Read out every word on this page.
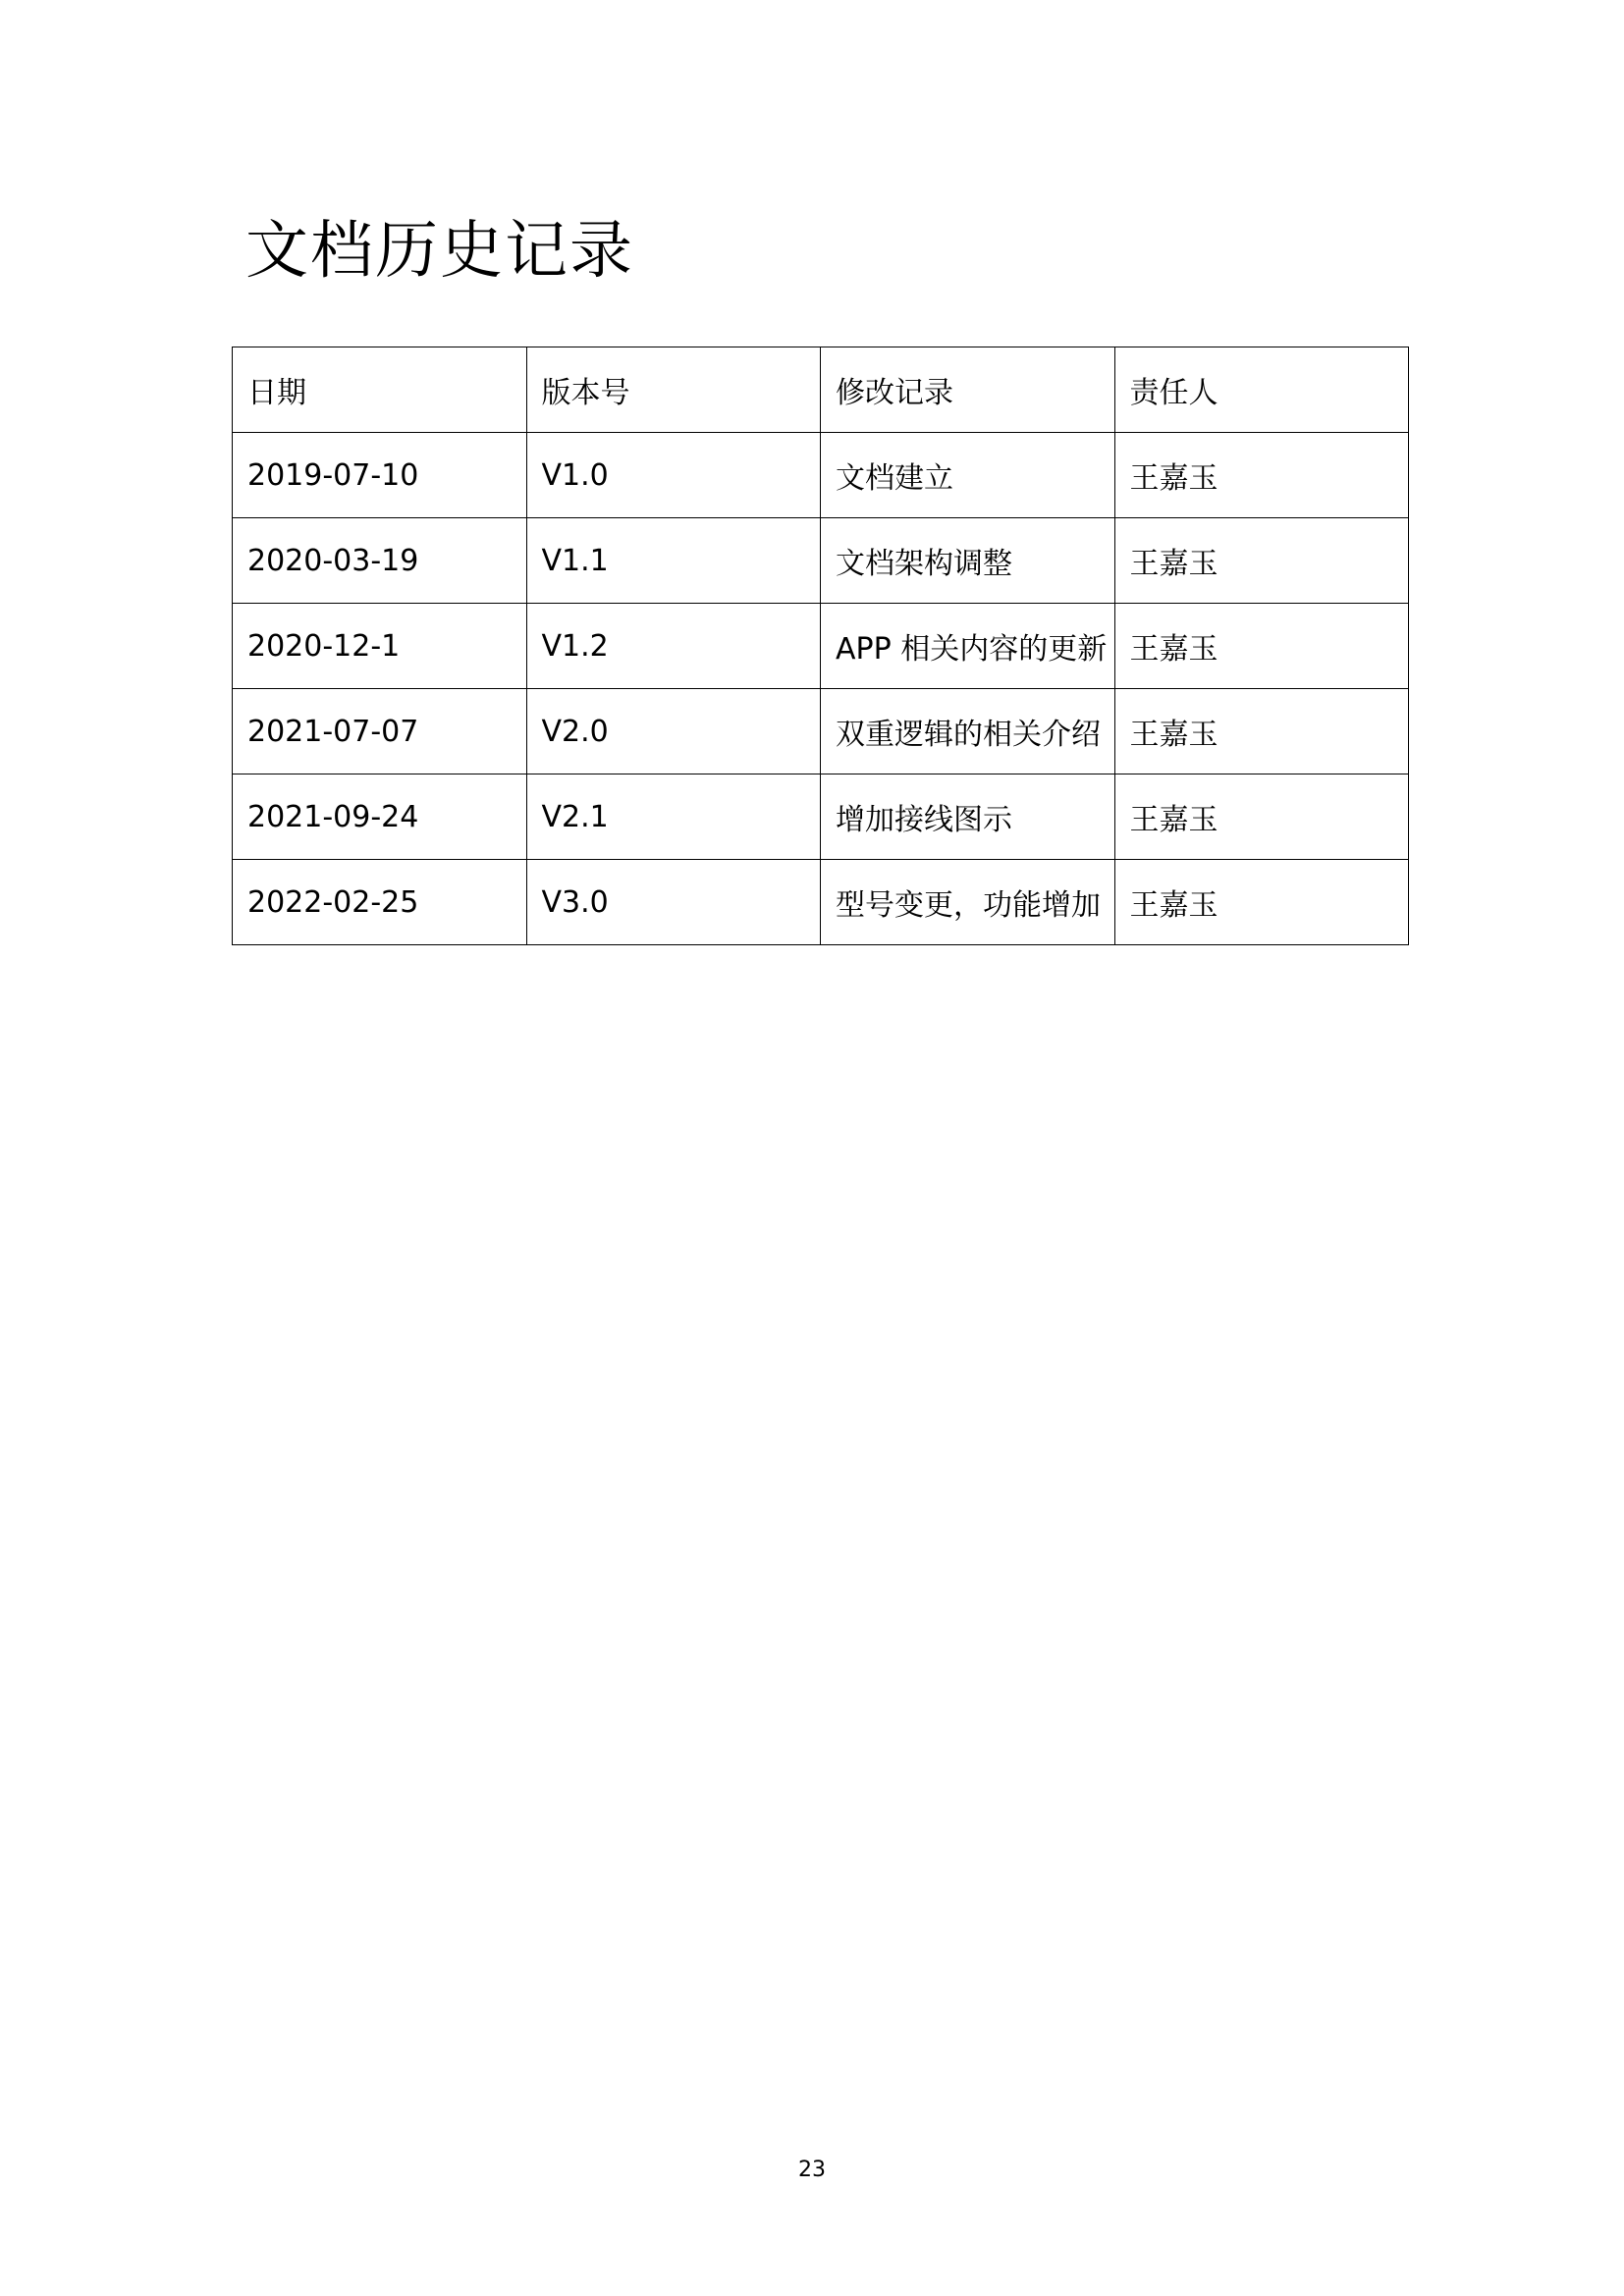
文档历史记录
日期	版本号	修改记录	责任人
2019-07-10	V1.0	文档建立	王嘉玉
2020-03-19	V1.1	文档架构调整	王嘉玉
2020-12-1	V1.2	APP 相关内容的更新	王嘉玉
2021-07-07	V2.0	双重逻辑的相关介绍	王嘉玉
2021-09-24	V2.1	增加接线图示	王嘉玉
2022-02-25	V3.0	型号变更，功能增加	王嘉玉
23
